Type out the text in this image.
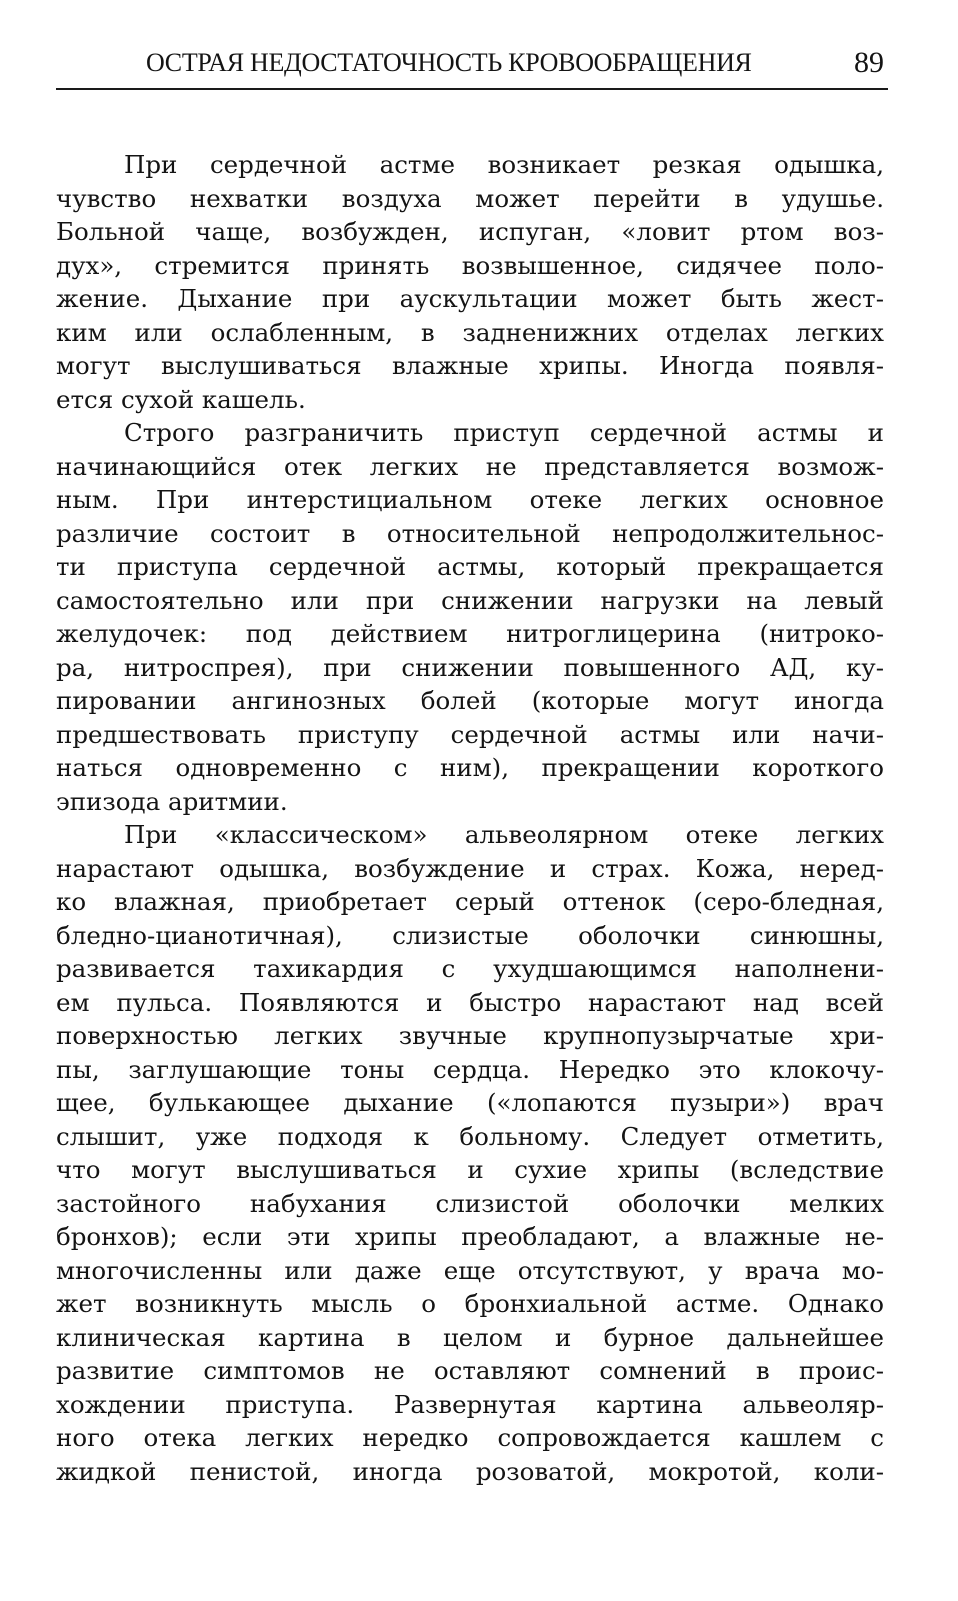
ОСТРАЯ НЕДОСТАТОЧНОСТЬ КРОВООБРАЩЕНИЯ	89
При сердечной астме возникает резкая одышка,
чувство нехватки воздуха может перейти в удушье.
Больной чаще, возбужден, испуган, «ловит ртом воз-
дух», стремится принять возвышенное, сидячее поло-
жение. Дыхание при аускультации может быть жест-
ким или ослабленным, в задненижних отделах легких
могут выслушиваться влажные хрипы. Иногда появля-
ется сухой кашель.
Строго разграничить приступ сердечной астмы и
начинающийся отек легких не представляется возмож-
ным. При интерстициальном отеке легких основное
различие состоит в относительной непродолжительнос-
ти приступа сердечной астмы, который прекращается
самостоятельно или при снижении нагрузки на левый
желудочек: под действием нитроглицерина (нитроко-
ра, нитроспрея), при снижении повышенного АД, ку-
пировании ангинозных болей (которые могут иногда
предшествовать приступу сердечной астмы или начи-
наться одновременно с ним), прекращении короткого
эпизода аритмии.
При «классическом» альвеолярном отеке легких
нарастают одышка, возбуждение и страх. Кожа, неред-
ко влажная, приобретает серый оттенок (серо-бледная,
бледно-цианотичная), слизистые оболочки синюшны,
развивается тахикардия с ухудшающимся наполнени-
ем пульса. Появляются и быстро нарастают над всей
поверхностью легких звучные крупнопузырчатые хри-
пы, заглушающие тоны сердца. Нередко это клокочу-
щее, булькающее дыхание («лопаются пузыри») врач
слышит, уже подходя к больному. Следует отметить,
что могут выслушиваться и сухие хрипы (вследствие
застойного набухания слизистой оболочки мелких
бронхов); если эти хрипы преобладают, а влажные не-
многочисленны или даже еще отсутствуют, у врача мо-
жет возникнуть мысль о бронхиальной астме. Однако
клиническая картина в целом и бурное дальнейшее
развитие симптомов не оставляют сомнений в проис-
хождении приступа. Развернутая картина альвеоляр-
ного отека легких нередко сопровождается кашлем с
жидкой пенистой, иногда розоватой, мокротой, коли-
